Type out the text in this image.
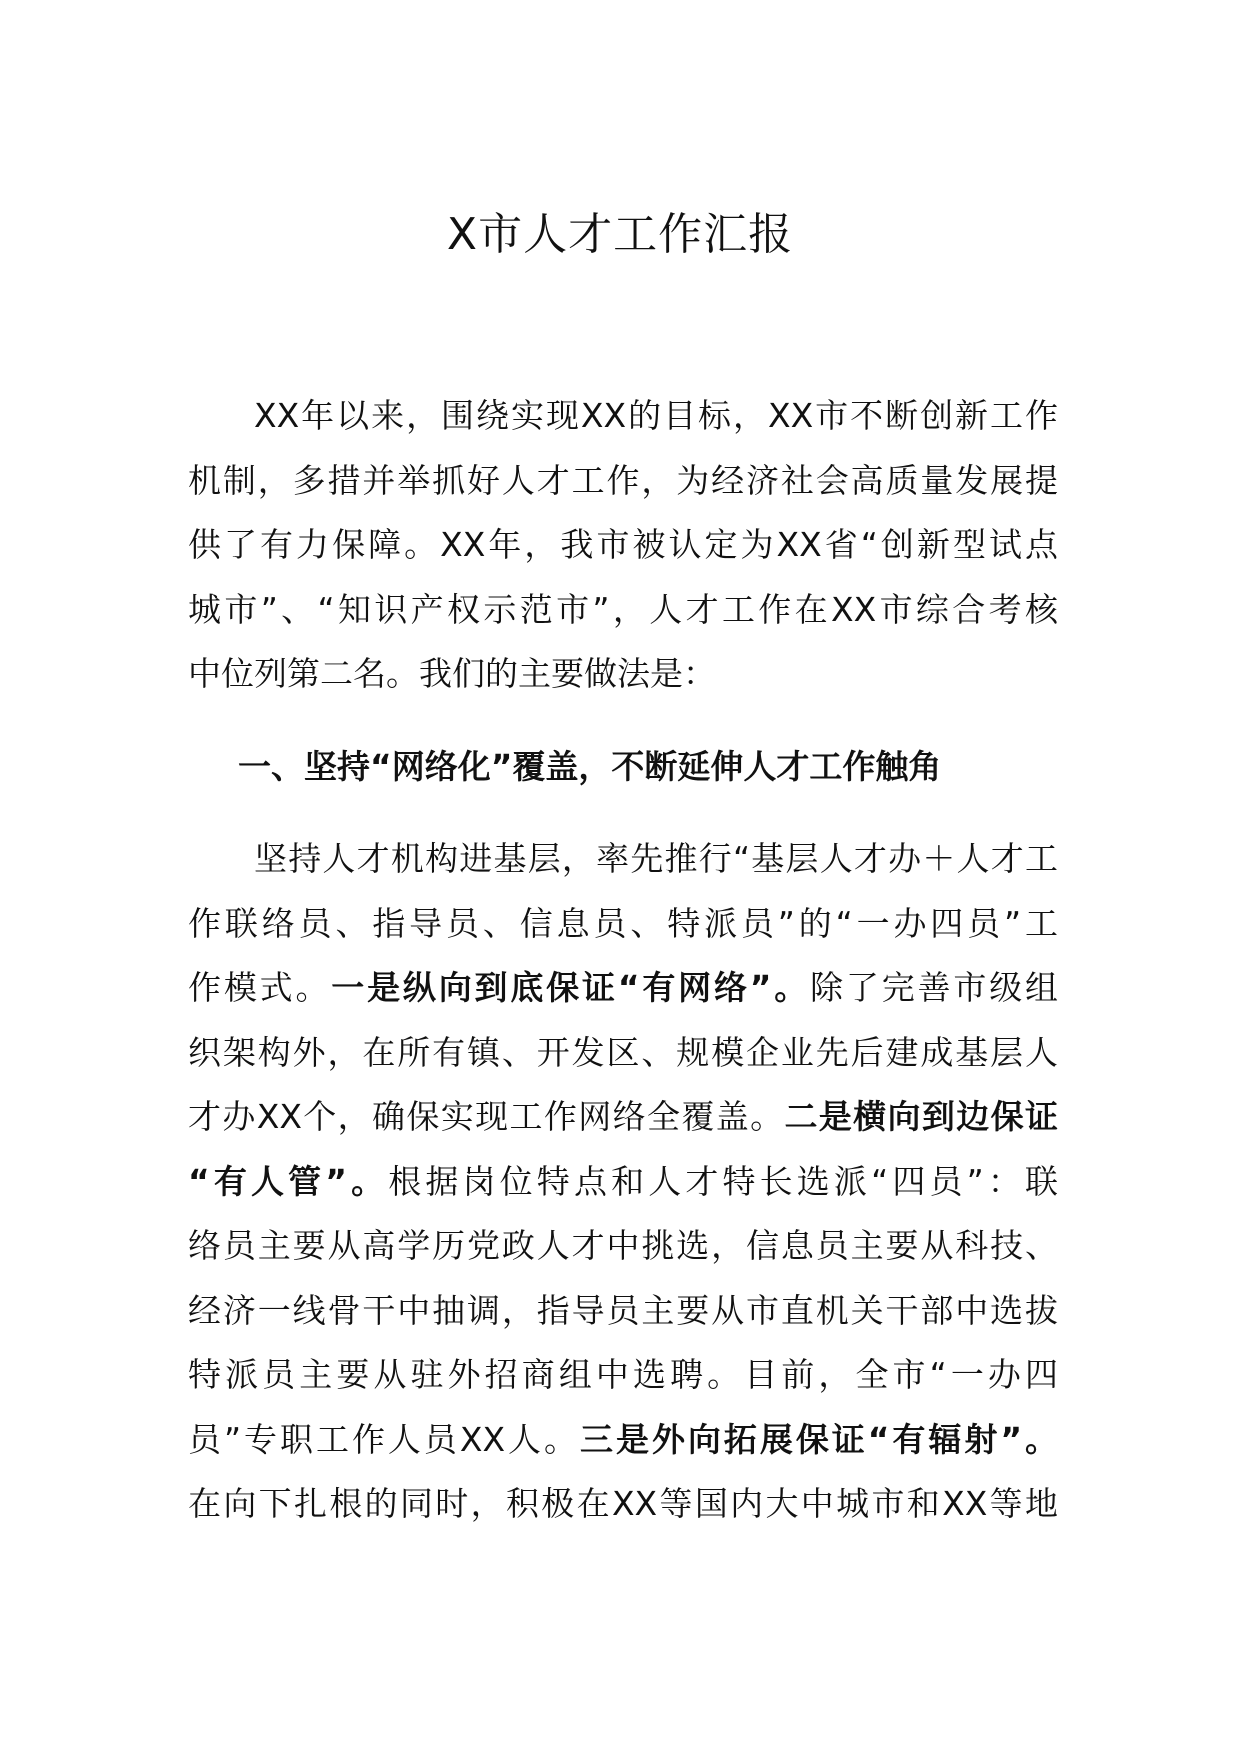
X市人才工作汇报
XX年以来，围绕实现XX的目标，XX市不断创新工作
机制，多措并举抓好人才工作，为经济社会高质量发展提
供了有力保障。XX年，我市被认定为XX省“创新型试点
城市”、“知识产权示范市”，人才工作在XX市综合考核
中位列第二名。我们的主要做法是：
一、坚持“网络化”覆盖，不断延伸人才工作触角
坚持人才机构进基层，率先推行“基层人才办＋人才工
作联络员、指导员、信息员、特派员”的“一办四员”工
作模式。一是纵向到底保证“有网络”。除了完善市级组
织架构外，在所有镇、开发区、规模企业先后建成基层人
才办XX个，确保实现工作网络全覆盖。二是横向到边保证
“有人管”。根据岗位特点和人才特长选派“四员”：联
络员主要从高学历党政人才中挑选，信息员主要从科技、
经济一线骨干中抽调，指导员主要从市直机关干部中选拔
特派员主要从驻外招商组中选聘。目前，全市“一办四
员”专职工作人员XX人。三是外向拓展保证“有辐射”。
在向下扎根的同时，积极在XX等国内大中城市和XX等地
